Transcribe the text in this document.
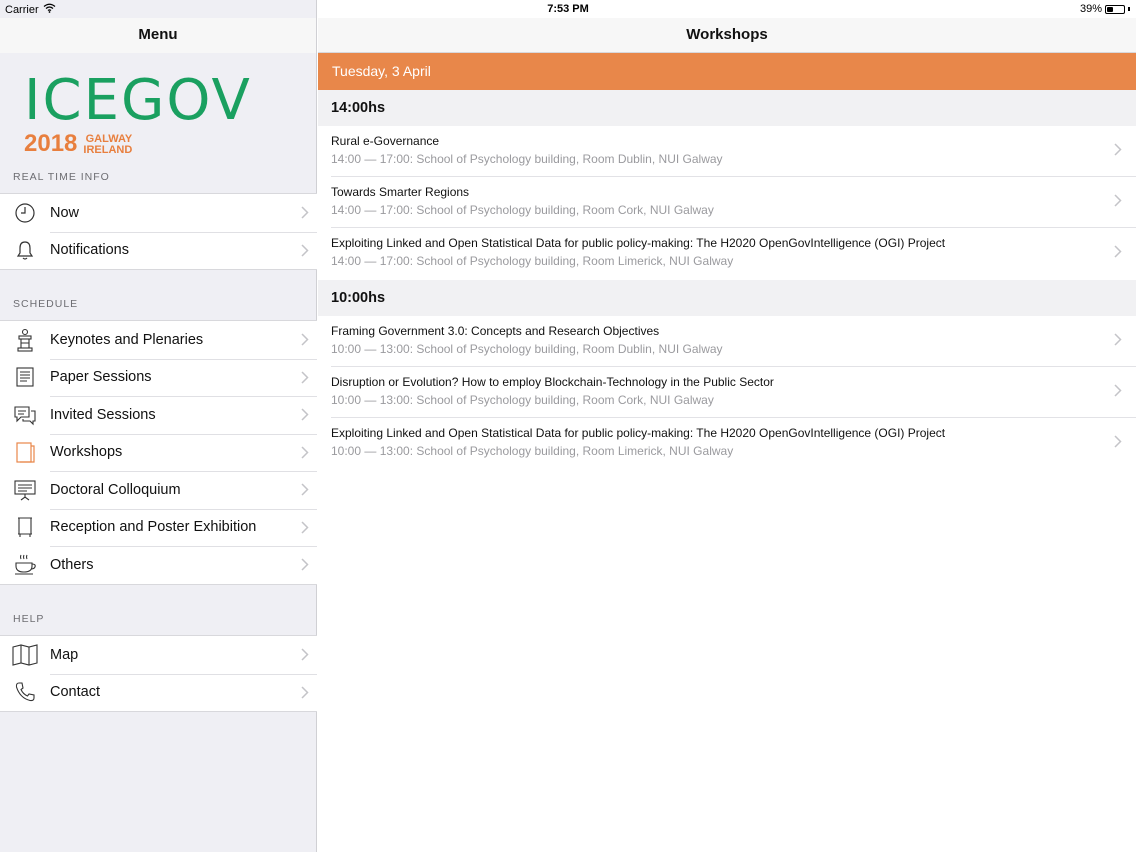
Menu
ICEGOV
2018 GALWAY
IRELAND
REAL TIME INFO
Now
Notifications
SCHEDULE
Keynotes and Plenaries
Paper Sessions
Invited Sessions
Workshops
Doctoral Colloquium
Reception and Poster Exhibition
Others
HELP
Map
Contact
Workshops
Tuesday, 3 April
14:00hs
Rural e-Governance
14:00 — 17:00: School of Psychology building, Room Dublin, NUI Galway
Towards Smarter Regions
14:00 — 17:00: School of Psychology building, Room Cork, NUI Galway
Exploiting Linked and Open Statistical Data for public policy-making: The H2020 OpenGovIntelligence (OGI) Project
14:00 — 17:00: School of Psychology building, Room Limerick, NUI Galway
10:00hs
Framing Government 3.0: Concepts and Research Objectives
10:00 — 13:00: School of Psychology building, Room Dublin, NUI Galway
Disruption or Evolution? How to employ Blockchain-Technology in the Public Sector
10:00 — 13:00: School of Psychology building, Room Cork, NUI Galway
Exploiting Linked and Open Statistical Data for public policy-making: The H2020 OpenGovIntelligence (OGI) Project
10:00 — 13:00: School of Psychology building, Room Limerick, NUI Galway
Carrier	7:53 PM	39%
